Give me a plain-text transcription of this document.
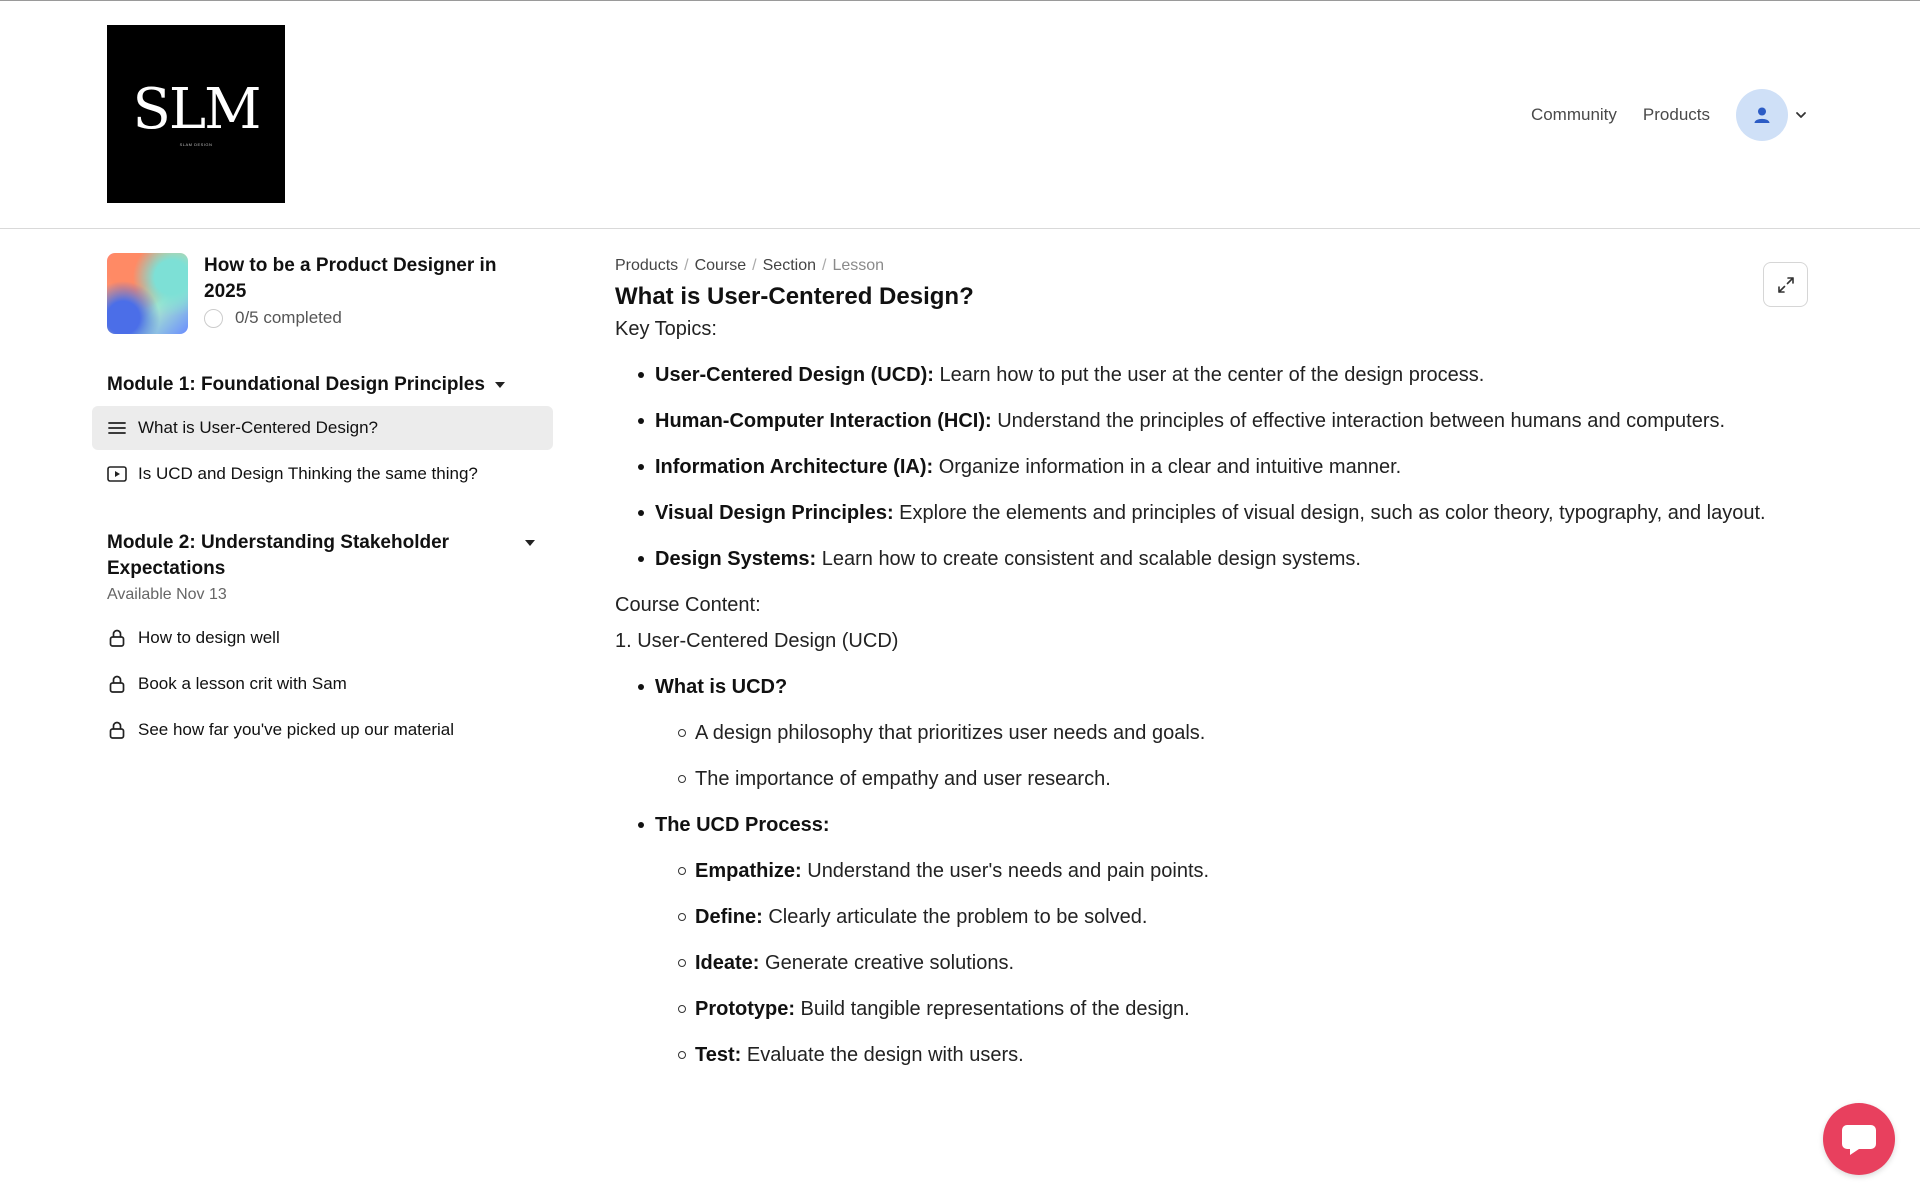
SLM
SLAM DESIGN
Community Products
How to be a Product Designer in 2025
0/5 completed
Module 1: Foundational Design Principles
What is User-Centered Design?
Is UCD and Design Thinking the same thing?
Module 2: Understanding Stakeholder Expectations
Available Nov 13
How to design well
Book a lesson crit with Sam
See how far you've picked up our material
Products / Course / Section / Lesson
What is User-Centered Design?

Key Topics:

User-Centered Design (UCD): Learn how to put the user at the center of the design process.
Human-Computer Interaction (HCI): Understand the principles of effective interaction between humans and computers.
Information Architecture (IA): Organize information in a clear and intuitive manner.
Visual Design Principles: Explore the elements and principles of visual design, such as color theory, typography, and layout.
Design Systems: Learn how to create consistent and scalable design systems.

Course Content:

1. User-Centered Design (UCD)

What is UCD?
A design philosophy that prioritizes user needs and goals.
The importance of empathy and user research.
The UCD Process:
Empathize: Understand the user's needs and pain points.
Define: Clearly articulate the problem to be solved.
Ideate: Generate creative solutions.
Prototype: Build tangible representations of the design.
Test: Evaluate the design with users.
